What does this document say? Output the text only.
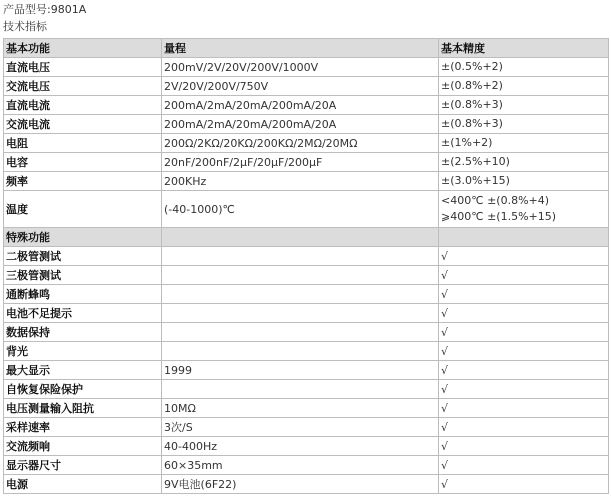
产品型号:9801A
技术指标
基本功能	量程	基本精度
直流电压	200mV/2V/20V/200V/1000V	±(0.5%+2)

交流电压	2V/20V/200V/750V	±(0.8%+2)

直流电流	200mA/2mA/20mA/200mA/20A	±(0.8%+3)

交流电流	200mA/2mA/20mA/200mA/20A	±(0.8%+3)

电阻	200Ω/2KΩ/20KΩ/200KΩ/2MΩ/20MΩ	±(1%+2)

电容	20nF/200nF/2μF/20μF/200μF	±(2.5%+10)

频率	200KHz	±(3.0%+15)

温度	(-40-1000)℃	<400℃ ±(0.8%+4)
⩾400℃ ±(1.5%+15)

特殊功能		
二极管测试		√
三极管测试		√
通断蜂鸣		√
电池不足提示		√
数据保持		√
背光		√
最大显示	1999	√
自恢复保险保护		√
电压测量输入阻抗	10MΩ	√
采样速率	3次/S	√
交流频响	40-400Hz	√
显示器尺寸	60×35mm	√
电源	9V电池(6F22)	√
